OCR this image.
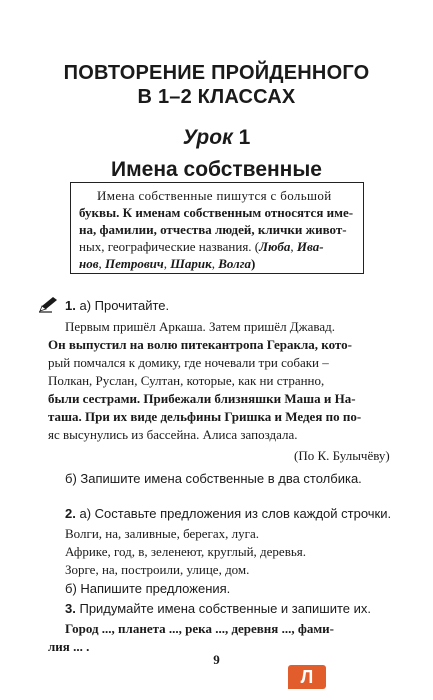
ПОВТОРЕНИЕ ПРОЙДЕННОГО
В 1–2 КЛАССАХ
Урок 1
Имена собственные
Имена собственные пишутся с большой
буквы. К именам собственным относятся име-
на, фамилии, отчества людей, клички живот-
ных, географические названия. (Люба, Ива-
нов, Петрович, Шарик, Волга)
1. а) Прочитайте.
Первым пришёл Аркаша. Затем пришёл Джавад.
Он выпустил на волю питекантропа Геракла, кото-
рый помчался к домику, где ночевали три собаки –
Полкан, Руслан, Султан, которые, как ни странно,
были сестрами. Прибежали близняшки Маша и На-
таша. При их виде дельфины Гришка и Медея по по-
яс высунулись из бассейна. Алиса запоздала.
(По К. Булычёву)
б) Запишите имена собственные в два столбика.
2. а) Составьте предложения из слов каждой строчки.
Волги, на, заливные, берегах, луга.
Африке, год, в, зеленеют, круглый, деревья.
Зорге, на, построили, улице, дом.
б) Напишите предложения.
3. Придумайте имена собственные и запишите их.
Город ..., планета ..., река ..., деревня ..., фами-
лия ... .
9
Л
